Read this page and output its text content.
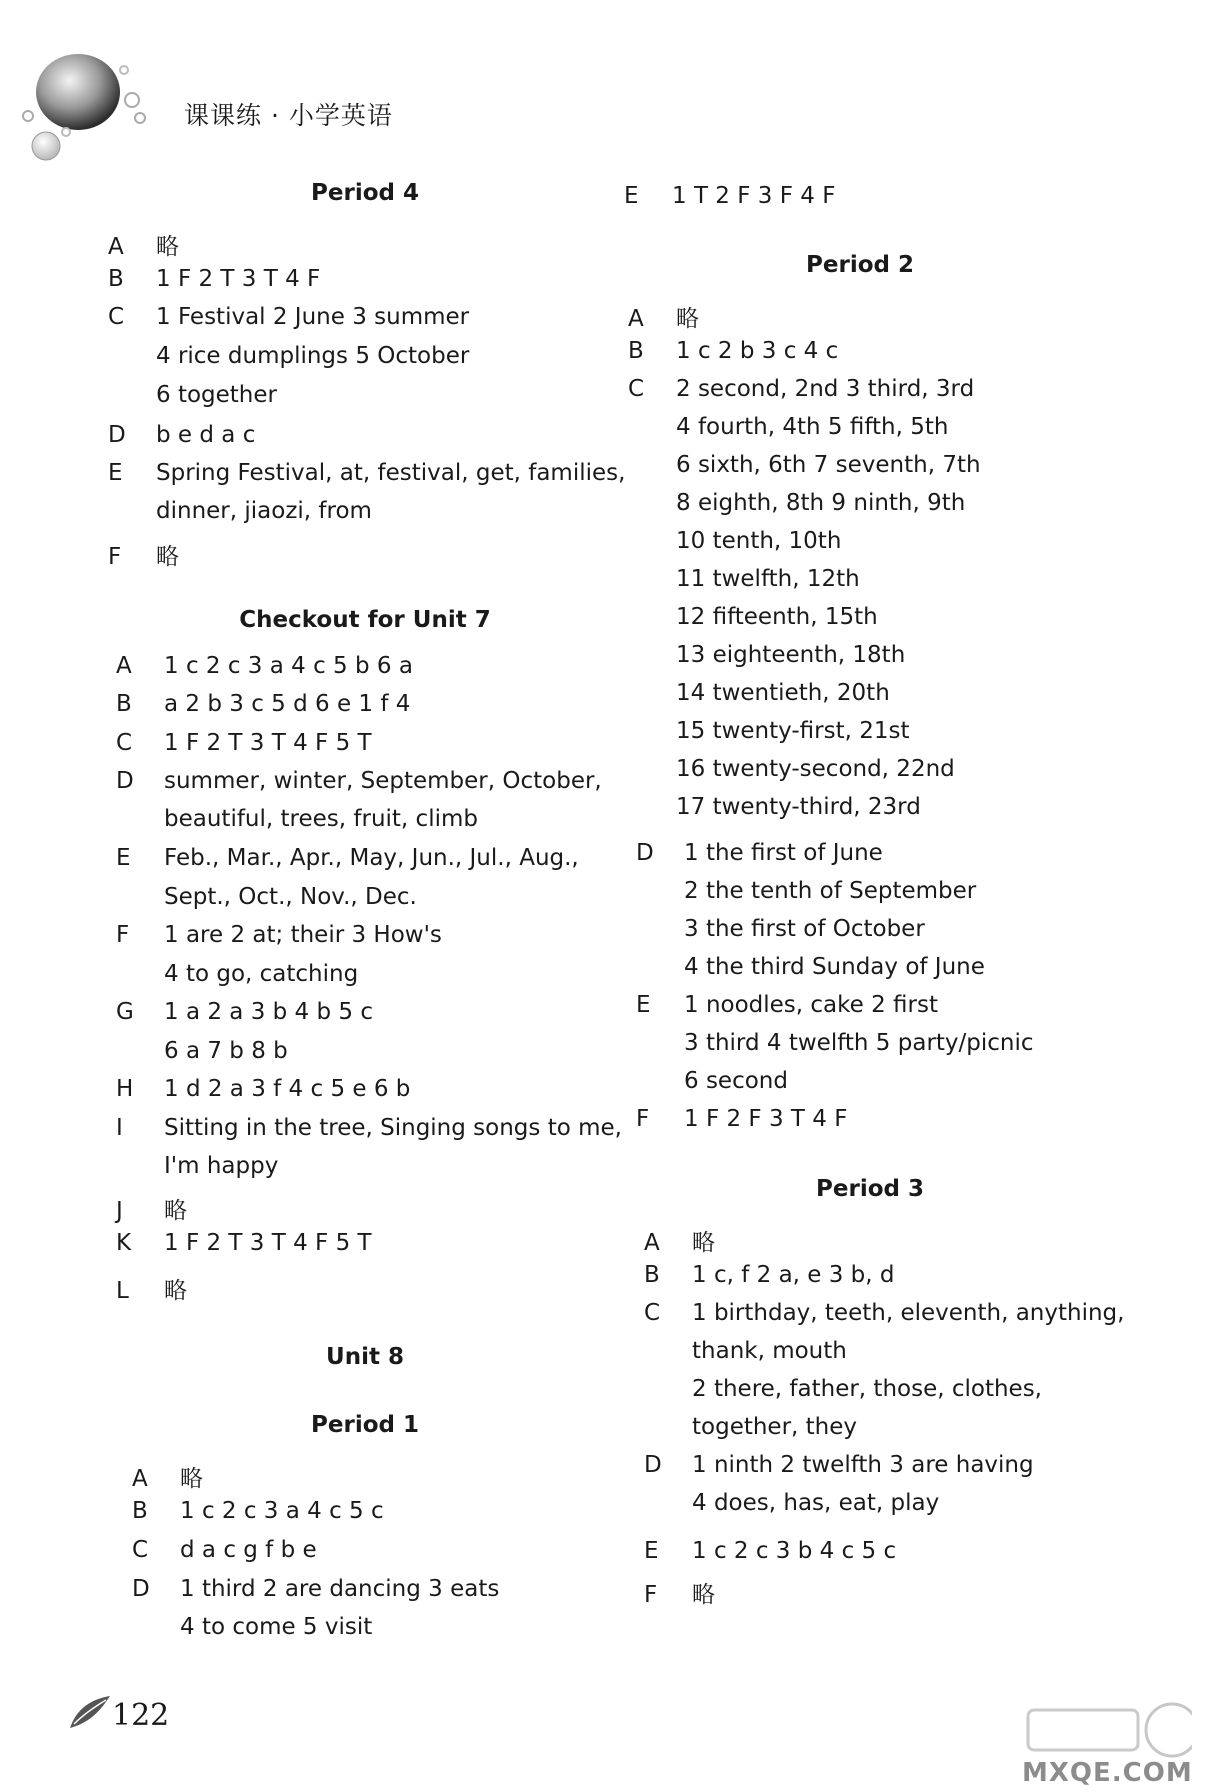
课课练 · 小学英语
Period 4
A 略
B 1 F 2 T 3 T 4 F
C 1 Festival 2 June 3 summer
4 rice dumplings 5 October
6 together
D b e d a c
E Spring Festival, at, festival, get, families,
dinner, jiaozi, from
F 略
Checkout for Unit 7
A 1 c 2 c 3 a 4 c 5 b 6 a
B a 2 b 3 c 5 d 6 e 1 f 4
C 1 F 2 T 3 T 4 F 5 T
D summer, winter, September, October,
beautiful, trees, fruit, climb
E Feb., Mar., Apr., May, Jun., Jul., Aug.,
Sept., Oct., Nov., Dec.
F 1 are 2 at; their 3 How's
4 to go, catching
G 1 a 2 a 3 b 4 b 5 c
6 a 7 b 8 b
H 1 d 2 a 3 f 4 c 5 e 6 b
I Sitting in the tree, Singing songs to me,
I'm happy
J 略
K 1 F 2 T 3 T 4 F 5 T
L 略
Unit 8
Period 1
A 略
B 1 c 2 c 3 a 4 c 5 c
C d a c g f b e
D 1 third 2 are dancing 3 eats
4 to come 5 visit
E 1 T 2 F 3 F 4 F
Period 2
A 略
B 1 c 2 b 3 c 4 c
C 2 second, 2nd 3 third, 3rd
4 fourth, 4th 5 fifth, 5th
6 sixth, 6th 7 seventh, 7th
8 eighth, 8th 9 ninth, 9th
10 tenth, 10th
11 twelfth, 12th
12 fifteenth, 15th
13 eighteenth, 18th
14 twentieth, 20th
15 twenty-first, 21st
16 twenty-second, 22nd
17 twenty-third, 23rd
D 1 the first of June
2 the tenth of September
3 the first of October
4 the third Sunday of June
E 1 noodles, cake 2 first
3 third 4 twelfth 5 party/picnic
6 second
F 1 F 2 F 3 T 4 F
Period 3
A 略
B 1 c, f 2 a, e 3 b, d
C 1 birthday, teeth, eleventh, anything,
thank, mouth
2 there, father, those, clothes,
together, they
D 1 ninth 2 twelfth 3 are having
4 does, has, eat, play
E 1 c 2 c 3 b 4 c 5 c
F 略
122
MXQE.COM
